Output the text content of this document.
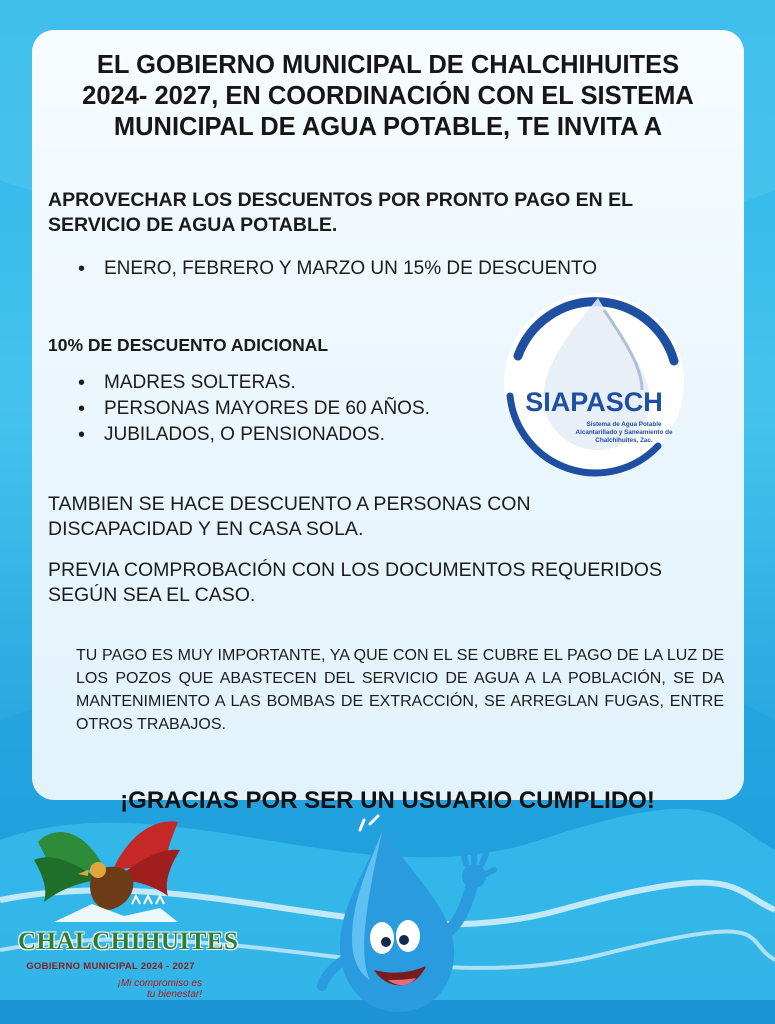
EL GOBIERNO MUNICIPAL DE CHALCHIHUITES
2024- 2027, EN COORDINACIÓN CON EL SISTEMA
MUNICIPAL DE AGUA POTABLE, TE INVITA A
APROVECHAR LOS DESCUENTOS POR PRONTO PAGO EN EL
SERVICIO DE AGUA POTABLE.
• ENERO, FEBRERO Y MARZO UN 15% DE DESCUENTO
10% DE DESCUENTO ADICIONAL
• MADRES SOLTERAS.
• PERSONAS MAYORES DE 60 AÑOS.
• JUBILADOS, O PENSIONADOS.
SIAPASCH
Sistema de Agua Potable
Alcantarillado y Saneamiento de
Chalchihuites, Zac.
TAMBIEN SE HACE DESCUENTO A PERSONAS CON
DISCAPACIDAD Y EN CASA SOLA.
PREVIA COMPROBACIÓN CON LOS DOCUMENTOS REQUERIDOS
SEGÚN SEA EL CASO.
TU PAGO ES MUY IMPORTANTE, YA QUE CON EL SE CUBRE EL PAGO DE LA LUZ DE LOS POZOS QUE ABASTECEN DEL SERVICIO DE AGUA A LA POBLACIÓN, SE DA MANTENIMIENTO A LAS BOMBAS DE EXTRACCIÓN, SE ARREGLAN FUGAS, ENTRE OTROS TRABAJOS.
¡GRACIAS POR SER UN USUARIO CUMPLIDO!
CHALCHIHUITES
GOBIERNO MUNICIPAL 2024 - 2027
¡Mi compromiso es
tu bienestar!
